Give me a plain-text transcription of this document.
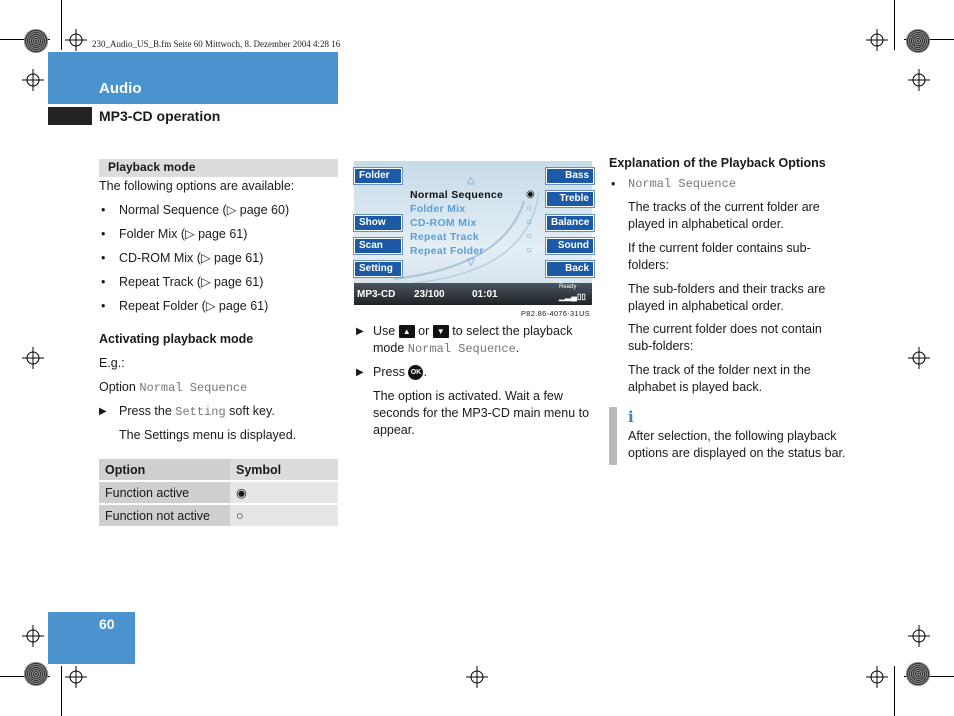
230_Audio_US_B.fm Seite 60 Mittwoch, 8. Dezember 2004 4:28 16
Audio
MP3-CD operation
Playback mode
The following options are available:
• Normal Sequence (▷ page 60)
• Folder Mix (▷ page 61)
• CD-ROM Mix (▷ page 61)
• Repeat Track (▷ page 61)
• Repeat Folder (▷ page 61)
Activating playback mode
E.g.:
Option Normal Sequence
▶ Press the Setting soft key.
The Settings menu is displayed.
Option	Symbol
Function active	◉
Function not active	○
Folder
Show
Scan
Setting
Bass
Treble
Balance
Sound
Back
△
Normal Sequence
Folder Mix
CD-ROM Mix
Repeat Track
Repeat Folder
◉
○
○
○
○
▽
MP3-CD 23/100	01:01
Ready
▁▂▄▯▯
P82.86-4076-31US
▶ Use ▲ or ▼ to select the playback
mode Normal Sequence.
▶ Press OK .
The option is activated. Wait a few
seconds for the MP3-CD main menu to
appear.
Explanation of the Playback Options
• Normal Sequence
The tracks of the current folder are
played in alphabetical order.
If the current folder contains sub-
folders:
The sub-folders and their tracks are
played in alphabetical order.
The current folder does not contain
sub-folders:
The track of the folder next in the
alphabet is played back.
i
After selection, the following playback
options are displayed on the status bar.
60
